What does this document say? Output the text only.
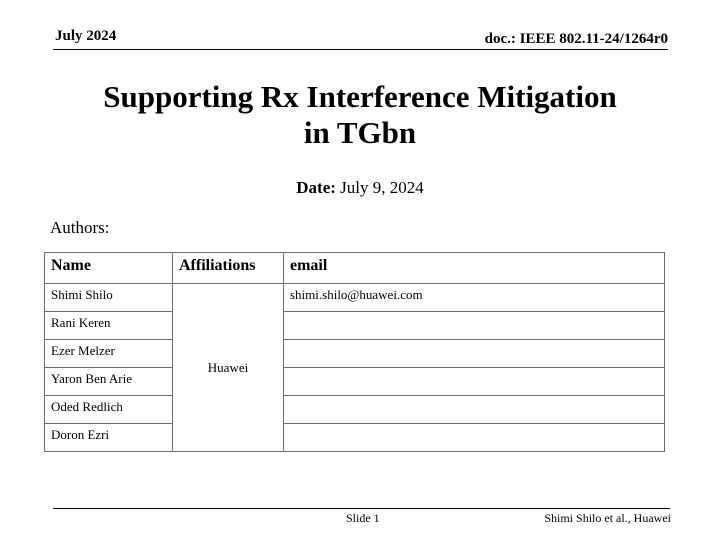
July 2024	doc.: IEEE 802.11-24/1264r0
Supporting Rx Interference Mitigation
in TGbn
Date: July 9, 2024
Authors:
Name	Affiliations	email
Shimi Shilo	Huawei	shimi.shilo@huawei.com
Rani Keren		
Ezer Melzer		
Yaron Ben Arie		
Oded Redlich		
Doron Ezri		
Slide 1	Shimi Shilo et al., Huawei
